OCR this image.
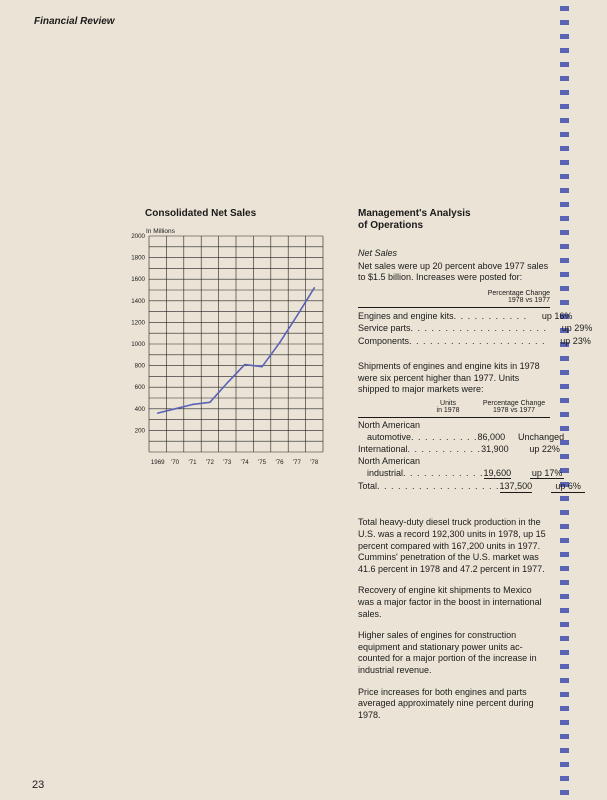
Financial Review
Consolidated Net Sales
In Millions
200
400
600
800
1000
1200
1400
1600
1800
2000
1969 '70 '71 '72 '73 '74 '75 '76 '77 '78
Management's Analysis
of Operations
Net Sales
Net sales were up 20 percent above 1977 sales to $1.5 billion. Increases were posted for:
Percentage Change
1978 vs 1977
Engines and engine kits . . . . . . . . . . .	up 16%
Service parts . . . . . . . . . . . . . . . . . . . .	up 29%
Components . . . . . . . . . . . . . . . . . . . .	up 23%
Shipments of engines and engine kits in 1978 were six percent higher than 1977. Units shipped to major markets were:
Units
in 1978
Percentage Change
1978 vs 1977
North American
automotive . . . . . . . . . . 86,000	Unchanged
International . . . . . . . . . . . 31,900	up 22%
North American
industrial . . . . . . . . . . . . 19,600	up 17%
Total . . . . . . . . . . . . . . . . . . 137,500	up 6%
Total heavy-duty diesel truck production in the U.S. was a record 192,300 units in 1978, up 15 percent compared with 167,200 units in 1977. Cummins' penetration of the U.S. market was 41.6 percent in 1978 and 47.2 percent in 1977.
Recovery of engine kit shipments to Mexico was a major factor in the boost in international sales.
Higher sales of engines for construction equipment and stationary power units ac-counted for a major portion of the increase in industrial revenue.
Price increases for both engines and parts averaged approximately nine percent during 1978.
23
